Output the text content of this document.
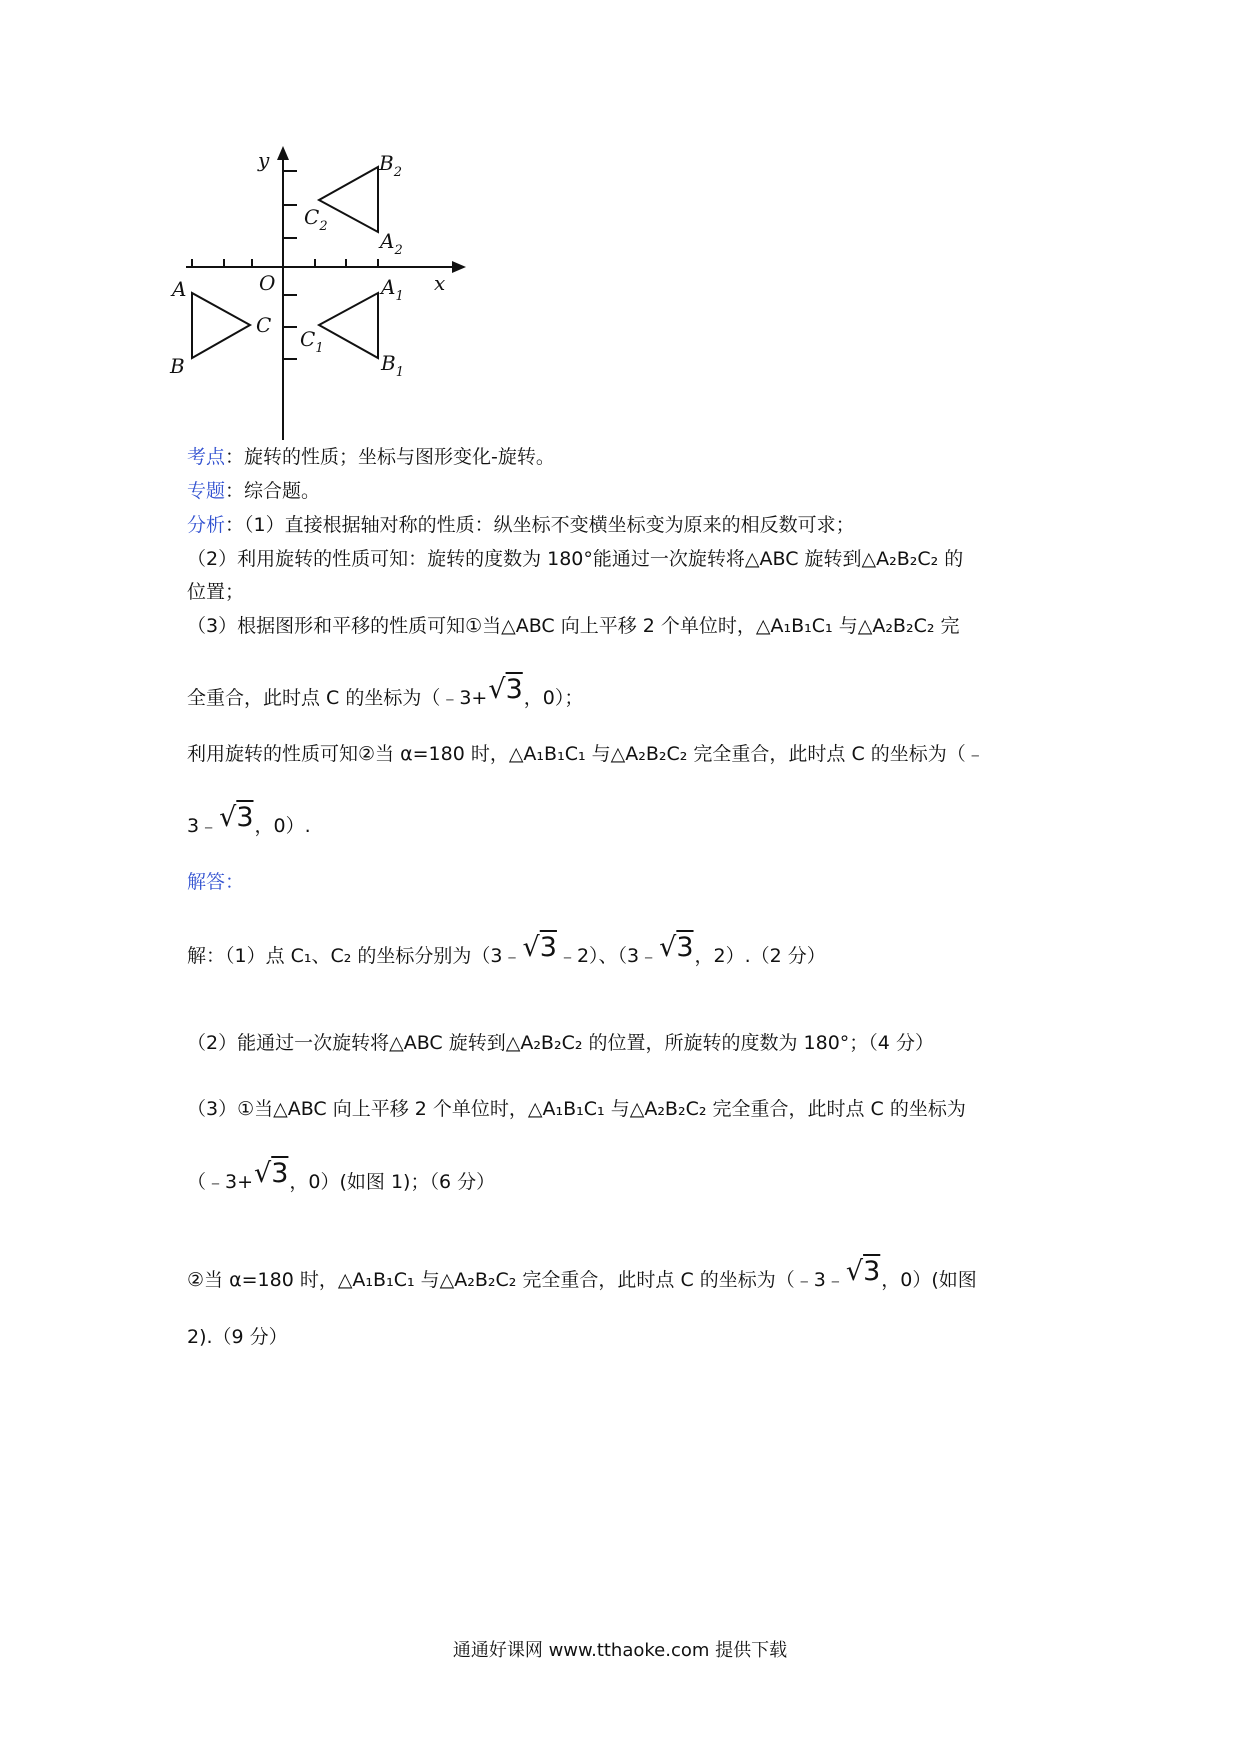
y
x
O
A
B
C
$A_1$
$B_1$
$C_1$
$A_2$
$B_2$
$C_2$
考点：旋转的性质；坐标与图形变化-旋转。
专题：综合题。
分析：（1）直接根据轴对称的性质：纵坐标不变横坐标变为原来的相反数可求；
（2）利用旋转的性质可知：旋转的度数为 180°能通过一次旋转将△ABC 旋转到△A₂B₂C₂ 的
位置；
（3）根据图形和平移的性质可知①当△ABC 向上平移 2 个单位时，△A₁B₁C₁ 与△A₂B₂C₂ 完
全重合，此时点 C 的坐标为（﹣3+√3，0）；
利用旋转的性质可知②当 α=180 时，△A₁B₁C₁ 与△A₂B₂C₂ 完全重合，此时点 C 的坐标为（﹣
3﹣√3，0）.
解答：
解：（1）点 C₁、C₂ 的坐标分别为（3﹣√3﹣2）、（3﹣√3，2）.（2 分）
（2）能通过一次旋转将△ABC 旋转到△A₂B₂C₂ 的位置，所旋转的度数为 180°；（4 分）
（3）①当△ABC 向上平移 2 个单位时，△A₁B₁C₁ 与△A₂B₂C₂ 完全重合，此时点 C 的坐标为
（﹣3+√3，0）(如图 1)；（6 分）
②当 α=180 时，△A₁B₁C₁ 与△A₂B₂C₂ 完全重合，此时点 C 的坐标为（﹣3﹣√3，0）(如图
2).（9 分）
通通好课网 www.tthaoke.com 提供下载
